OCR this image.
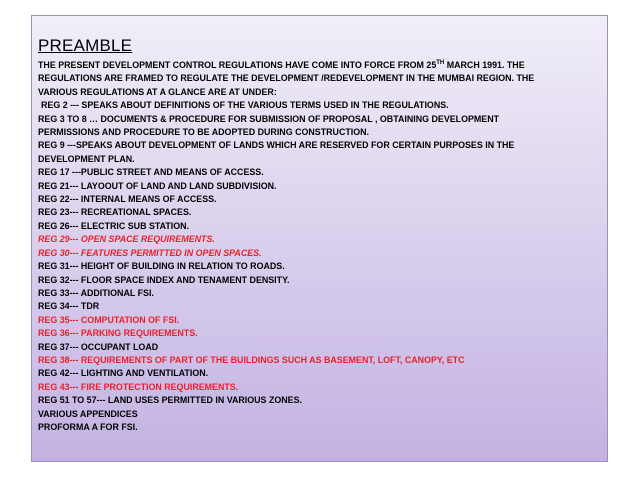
PREAMBLE
THE PRESENT DEVELOPMENT CONTROL REGULATIONS HAVE COME INTO FORCE FROM 25TH MARCH 1991. THE
REGULATIONS ARE FRAMED TO REGULATE THE DEVELOPMENT /REDEVELOPMENT IN THE MUMBAI REGION. THE
VARIOUS REGULATIONS AT A GLANCE ARE AT UNDER:
REG 2 --- SPEAKS ABOUT DEFINITIONS OF THE VARIOUS TERMS USED IN THE REGULATIONS.
REG 3 TO 8 … DOCUMENTS & PROCEDURE FOR SUBMISSION OF PROPOSAL , OBTAINING DEVELOPMENT
PERMISSIONS AND PROCEDURE TO BE ADOPTED DURING CONSTRUCTION.
REG 9 ---SPEAKS ABOUT DEVELOPMENT OF LANDS WHICH ARE RESERVED FOR CERTAIN PURPOSES IN THE
DEVELOPMENT PLAN.
REG 17 ---PUBLIC STREET AND MEANS OF ACCESS.
REG 21--- LAYOOUT OF LAND AND LAND SUBDIVISION.
REG 22--- INTERNAL MEANS OF ACCESS.
REG 23--- RECREATIONAL SPACES.
REG 26--- ELECTRIC SUB STATION.
REG 29--- OPEN SPACE REQUIREMENTS.
REG 30--- FEATURES PERMITTED IN OPEN SPACES.
REG 31--- HEIGHT OF BUILDING IN RELATION TO ROADS.
REG 32--- FLOOR SPACE INDEX AND TENAMENT DENSITY.
REG 33--- ADDITIONAL FSI.
REG 34--- TDR
REG 35--- COMPUTATION OF FSI.
REG 36--- PARKING REQUIREMENTS.
REG 37--- OCCUPANT LOAD
REG 38--- REQUIREMENTS OF PART OF THE BUILDINGS SUCH AS BASEMENT, LOFT, CANOPY, ETC
REG 42--- LIGHTING AND VENTILATION.
REG 43--- FIRE PROTECTION REQUIREMENTS.
REG 51 TO 57--- LAND USES PERMITTED IN VARIOUS ZONES.
VARIOUS APPENDICES
PROFORMA A FOR FSI.
